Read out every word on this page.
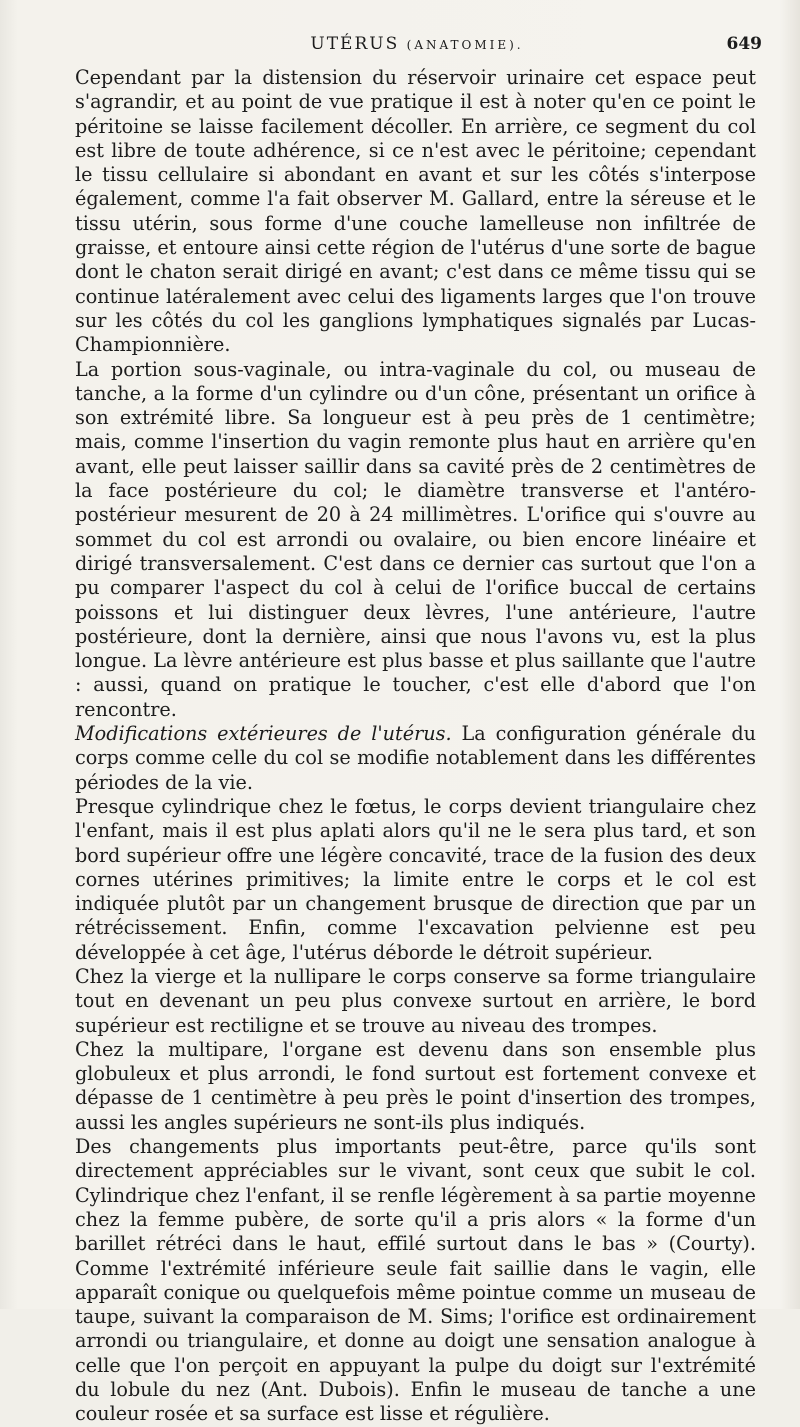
UTÉRUS (ANATOMIE).	649

Cependant par la distension du réservoir urinaire cet espace peut s'agrandir, et au point de vue pratique il est à noter qu'en ce point le péritoine se laisse facilement décoller. En arrière, ce segment du col est libre de toute adhérence, si ce n'est avec le péritoine; cependant le tissu cellulaire si abondant en avant et sur les côtés s'interpose également, comme l'a fait observer M. Gallard, entre la séreuse et le tissu utérin, sous forme d'une couche lamelleuse non infiltrée de graisse, et entoure ainsi cette région de l'utérus d'une sorte de bague dont le chaton serait dirigé en avant; c'est dans ce même tissu qui se continue latéralement avec celui des ligaments larges que l'on trouve sur les côtés du col les ganglions lymphatiques signalés par Lucas-Championnière.

La portion sous-vaginale, ou intra-vaginale du col, ou museau de tanche, a la forme d'un cylindre ou d'un cône, présentant un orifice à son extrémité libre. Sa longueur est à peu près de 1 centimètre; mais, comme l'insertion du vagin remonte plus haut en arrière qu'en avant, elle peut laisser saillir dans sa cavité près de 2 centimètres de la face postérieure du col; le diamètre transverse et l'antéro-postérieur mesurent de 20 à 24 millimètres. L'orifice qui s'ouvre au sommet du col est arrondi ou ovalaire, ou bien encore linéaire et dirigé transversalement. C'est dans ce dernier cas surtout que l'on a pu comparer l'aspect du col à celui de l'orifice buccal de certains poissons et lui distinguer deux lèvres, l'une antérieure, l'autre postérieure, dont la dernière, ainsi que nous l'avons vu, est la plus longue. La lèvre antérieure est plus basse et plus saillante que l'autre : aussi, quand on pratique le toucher, c'est elle d'abord que l'on rencontre.

Modifications extérieures de l'utérus. La configuration générale du corps comme celle du col se modifie notablement dans les différentes périodes de la vie.

Presque cylindrique chez le fœtus, le corps devient triangulaire chez l'enfant, mais il est plus aplati alors qu'il ne le sera plus tard, et son bord supérieur offre une légère concavité, trace de la fusion des deux cornes utérines primitives; la limite entre le corps et le col est indiquée plutôt par un changement brusque de direction que par un rétrécissement. Enfin, comme l'excavation pelvienne est peu développée à cet âge, l'utérus déborde le détroit supérieur.

Chez la vierge et la nullipare le corps conserve sa forme triangulaire tout en devenant un peu plus convexe surtout en arrière, le bord supérieur est rectiligne et se trouve au niveau des trompes.

Chez la multipare, l'organe est devenu dans son ensemble plus globuleux et plus arrondi, le fond surtout est fortement convexe et dépasse de 1 centimètre à peu près le point d'insertion des trompes, aussi les angles supérieurs ne sont-ils plus indiqués.

Des changements plus importants peut-être, parce qu'ils sont directement appréciables sur le vivant, sont ceux que subit le col. Cylindrique chez l'enfant, il se renfle légèrement à sa partie moyenne chez la femme pubère, de sorte qu'il a pris alors « la forme d'un barillet rétréci dans le haut, effilé surtout dans le bas » (Courty). Comme l'extrémité inférieure seule fait saillie dans le vagin, elle apparaît conique ou quelquefois même pointue comme un museau de taupe, suivant la comparaison de M. Sims; l'orifice est ordinairement arrondi ou triangulaire, et donne au doigt une sensation analogue à celle que l'on perçoit en appuyant la pulpe du doigt sur l'extrémité du lobule du nez (Ant. Dubois). Enfin le museau de tanche a une couleur rosée et sa surface est lisse et régulière.
